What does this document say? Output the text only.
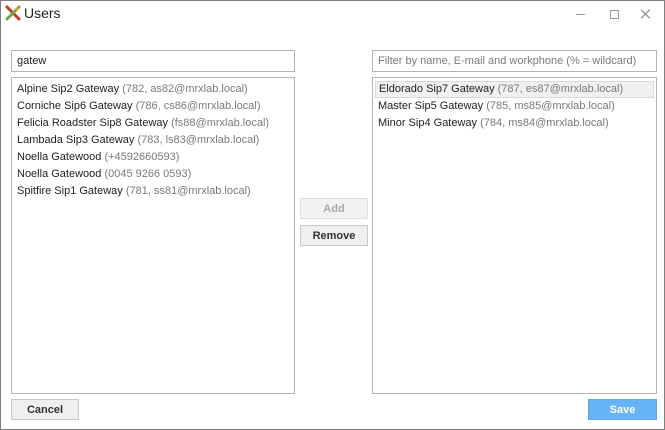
Users
gatew
Filter by name, E-mail and workphone (% = wildcard)
Alpine Sip2 Gateway (782, as82@mrxlab.local)
Corniche Sip6 Gateway (786, cs86@mrxlab.local)
Felicia Roadster Sip8 Gateway (fs88@mrxlab.local)
Lambada Sip3 Gateway (783, ls83@mrxlab.local)
Noella Gatewood (+4592660593)
Noella Gatewood (0045 9266 0593)
Spitfire Sip1 Gateway (781, ss81@mrxlab.local)
Add
Remove
Eldorado Sip7 Gateway (787, es87@mrxlab.local)
Master Sip5 Gateway (785, ms85@mrxlab.local)
Minor Sip4 Gateway (784, ms84@mrxlab.local)
Cancel	Save
